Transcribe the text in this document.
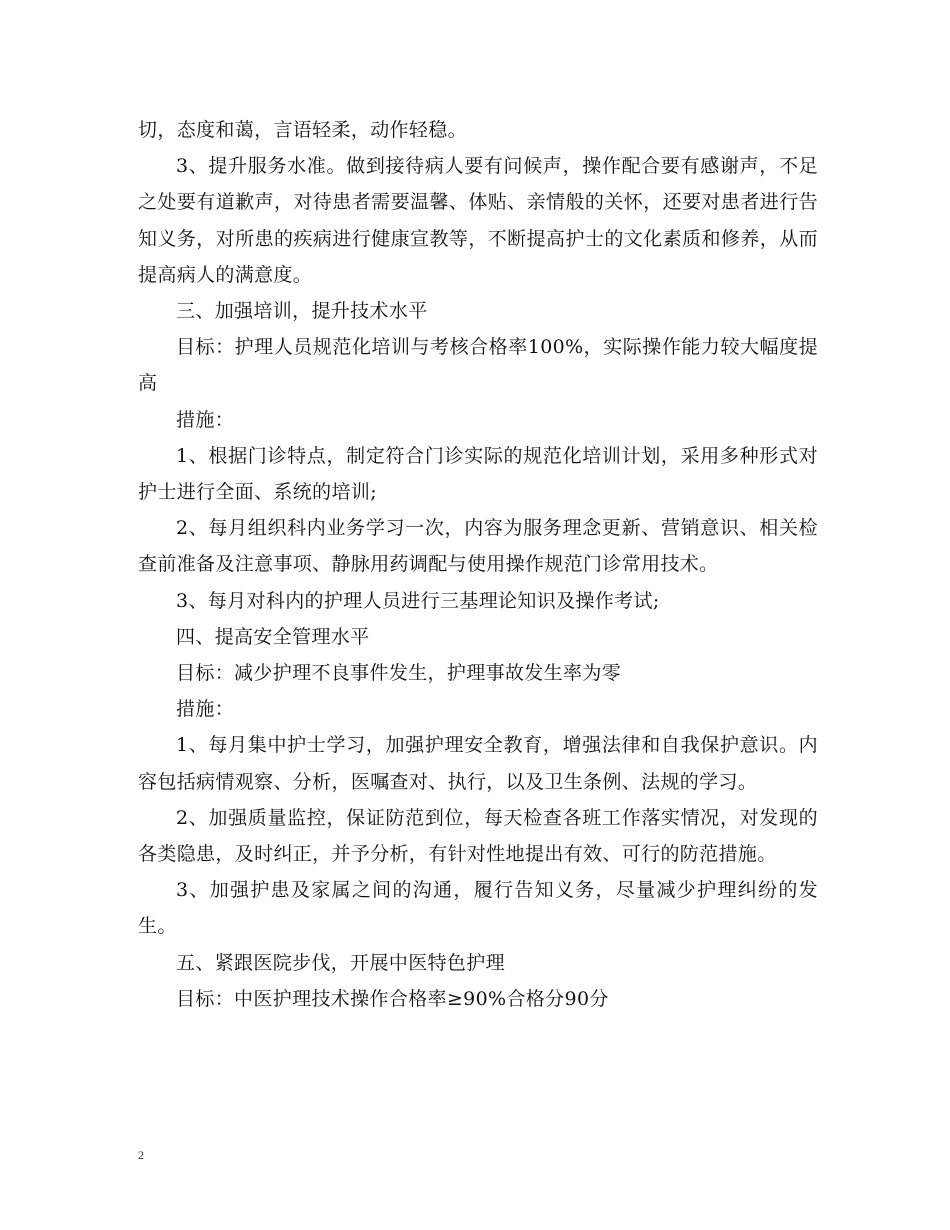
切，态度和蔼，言语轻柔，动作轻稳。

3、提升服务水准。做到接待病人要有问候声，操作配合要有感谢声，不足之处要有道歉声，对待患者需要温馨、体贴、亲情般的关怀，还要对患者进行告知义务，对所患的疾病进行健康宣教等，不断提高护士的文化素质和修养，从而提高病人的满意度。

三、加强培训，提升技术水平

目标：护理人员规范化培训与考核合格率100%，实际操作能力较大幅度提高

措施：

1、根据门诊特点，制定符合门诊实际的规范化培训计划，采用多种形式对护士进行全面、系统的培训;

2、每月组织科内业务学习一次，内容为服务理念更新、营销意识、相关检查前准备及注意事项、静脉用药调配与使用操作规范门诊常用技术。

3、每月对科内的护理人员进行三基理论知识及操作考试;

四、提高安全管理水平

目标：减少护理不良事件发生，护理事故发生率为零

措施：

1、每月集中护士学习，加强护理安全教育，增强法律和自我保护意识。内容包括病情观察、分析，医嘱查对、执行，以及卫生条例、法规的学习。

2、加强质量监控，保证防范到位，每天检查各班工作落实情况，对发现的各类隐患，及时纠正，并予分析，有针对性地提出有效、可行的防范措施。

3、加强护患及家属之间的沟通，履行告知义务，尽量减少护理纠纷的发生。

五、紧跟医院步伐，开展中医特色护理

目标：中医护理技术操作合格率≥90%合格分90分

2
